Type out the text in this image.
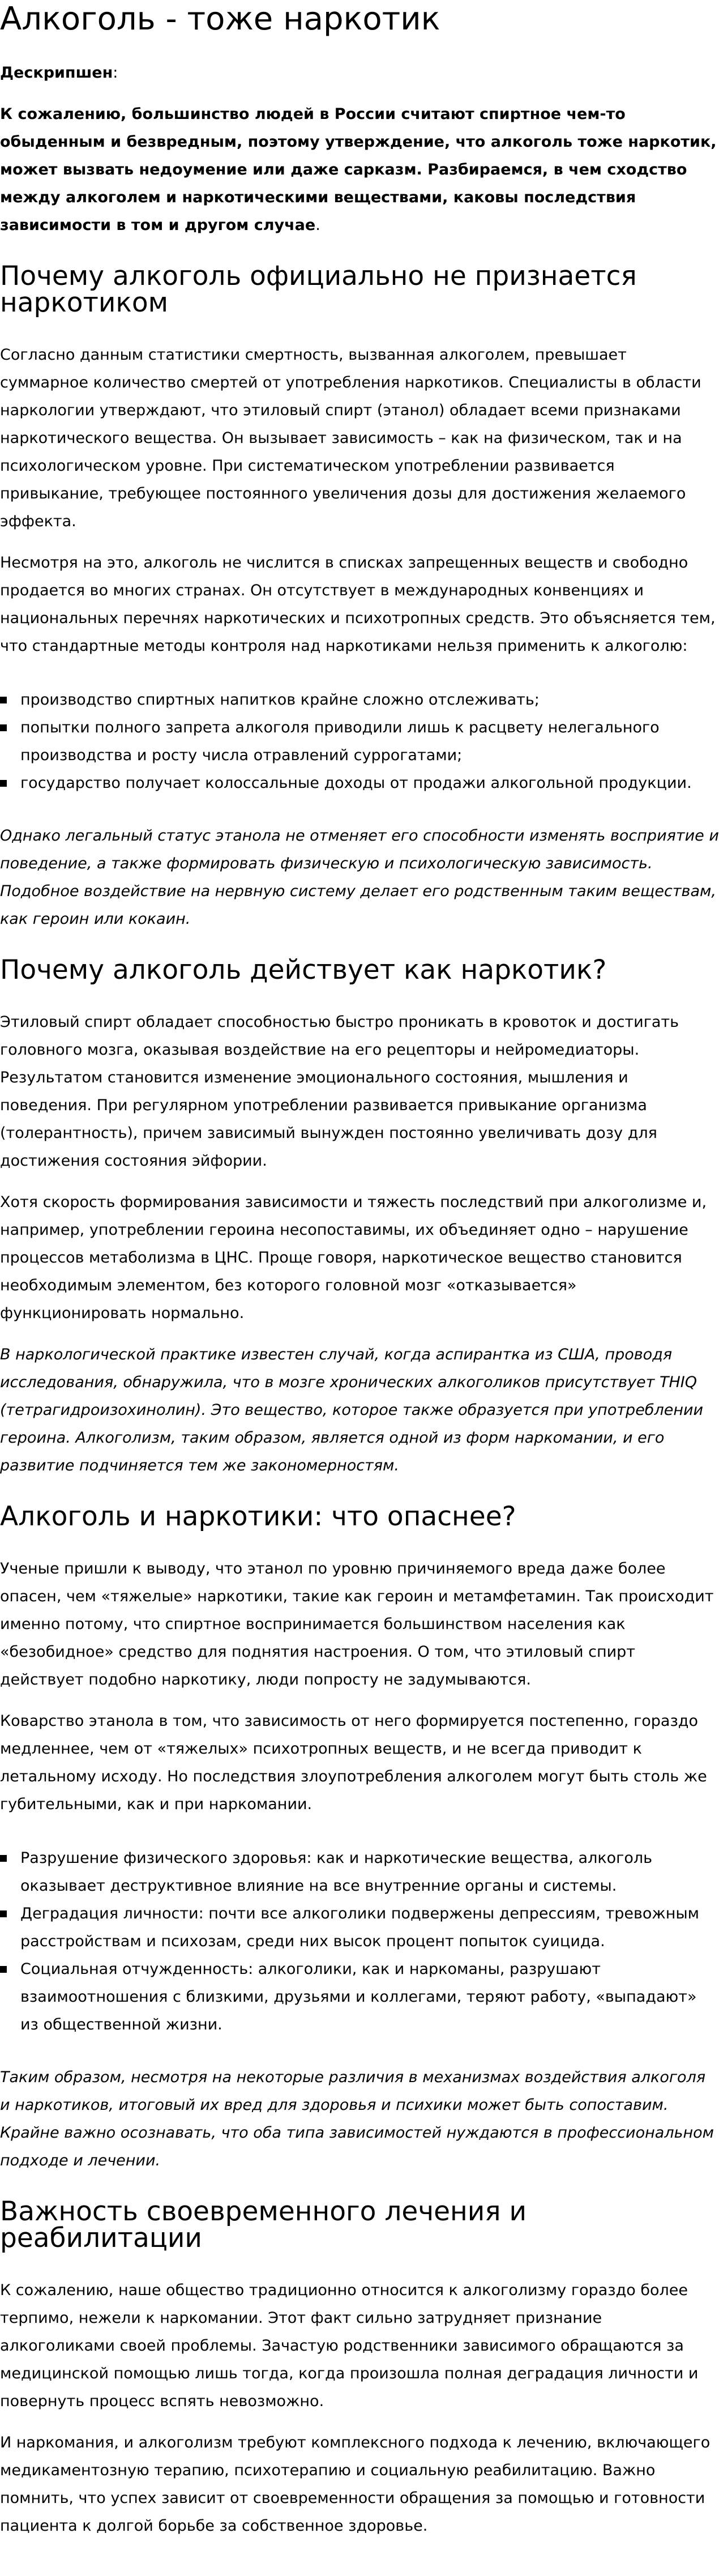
Алкоголь - тоже наркотик

Дескрипшен:

К сожалению, большинство людей в России считают спиртное чем-то обыденным и безвредным, поэтому утверждение, что алкоголь тоже наркотик, может вызвать недоумение или даже сарказм. Разбираемся, в чем сходство между алкоголем и наркотическими веществами, каковы последствия зависимости в том и другом случае.

Почему алкоголь официально не признается наркотиком

Согласно данным статистики смертность, вызванная алкоголем, превышает суммарное количество смертей от употребления наркотиков. Специалисты в области наркологии утверждают, что этиловый спирт (этанол) обладает всеми признаками наркотического вещества. Он вызывает зависимость – как на физическом, так и на психологическом уровне. При систематическом употреблении развивается привыкание, требующее постоянного увеличения дозы для достижения желаемого эффекта.

Несмотря на это, алкоголь не числится в списках запрещенных веществ и свободно продается во многих странах. Он отсутствует в международных конвенциях и национальных перечнях наркотических и психотропных средств. Это объясняется тем, что стандартные методы контроля над наркотиками нельзя применить к алкоголю:

производство спиртных напитков крайне сложно отслеживать;
попытки полного запрета алкоголя приводили лишь к расцвету нелегального производства и росту числа отравлений суррогатами;
государство получает колоссальные доходы от продажи алкогольной продукции.

Однако легальный статус этанола не отменяет его способности изменять восприятие и поведение, а также формировать физическую и психологическую зависимость. Подобное воздействие на нервную систему делает его родственным таким веществам, как героин или кокаин.

Почему алкоголь действует как наркотик?

Этиловый спирт обладает способностью быстро проникать в кровоток и достигать головного мозга, оказывая воздействие на его рецепторы и нейромедиаторы. Результатом становится изменение эмоционального состояния, мышления и поведения. При регулярном употреблении развивается привыкание организма (толерантность), причем зависимый вынужден постоянно увеличивать дозу для достижения состояния эйфории.

Хотя скорость формирования зависимости и тяжесть последствий при алкоголизме и, например, употреблении героина несопоставимы, их объединяет одно – нарушение процессов метаболизма в ЦНС. Проще говоря, наркотическое вещество становится необходимым элементом, без которого головной мозг «отказывается» функционировать нормально.

В наркологической практике известен случай, когда аспирантка из США, проводя исследования, обнаружила, что в мозге хронических алкоголиков присутствует THIQ (тетрагидроизохинолин). Это вещество, которое также образуется при употреблении героина. Алкоголизм, таким образом, является одной из форм наркомании, и его развитие подчиняется тем же закономерностям.

Алкоголь и наркотики: что опаснее?

Ученые пришли к выводу, что этанол по уровню причиняемого вреда даже более опасен, чем «тяжелые» наркотики, такие как героин и метамфетамин. Так происходит именно потому, что спиртное воспринимается большинством населения как «безобидное» средство для поднятия настроения. О том, что этиловый спирт действует подобно наркотику, люди попросту не задумываются.

Коварство этанола в том, что зависимость от него формируется постепенно, гораздо медленнее, чем от «тяжелых» психотропных веществ, и не всегда приводит к летальному исходу. Но последствия злоупотребления алкоголем могут быть столь же губительными, как и при наркомании.

Разрушение физического здоровья: как и наркотические вещества, алкоголь оказывает деструктивное влияние на все внутренние органы и системы.
Деградация личности: почти все алкоголики подвержены депрессиям, тревожным расстройствам и психозам, среди них высок процент попыток суицида.
Социальная отчужденность: алкоголики, как и наркоманы, разрушают взаимоотношения с близкими, друзьями и коллегами, теряют работу, «выпадают» из общественной жизни.

Таким образом, несмотря на некоторые различия в механизмах воздействия алкоголя и наркотиков, итоговый их вред для здоровья и психики может быть сопоставим. Крайне важно осознавать, что оба типа зависимостей нуждаются в профессиональном подходе и лечении.

Важность своевременного лечения и реабилитации

К сожалению, наше общество традиционно относится к алкоголизму гораздо более терпимо, нежели к наркомании. Этот факт сильно затрудняет признание алкоголиками своей проблемы. Зачастую родственники зависимого обращаются за медицинской помощью лишь тогда, когда произошла полная деградация личности и повернуть процесс вспять невозможно.

И наркомания, и алкоголизм требуют комплексного подхода к лечению, включающего медикаментозную терапию, психотерапию и социальную реабилитацию. Важно помнить, что успех зависит от своевременности обращения за помощью и готовности пациента к долгой борьбе за собственное здоровье.
